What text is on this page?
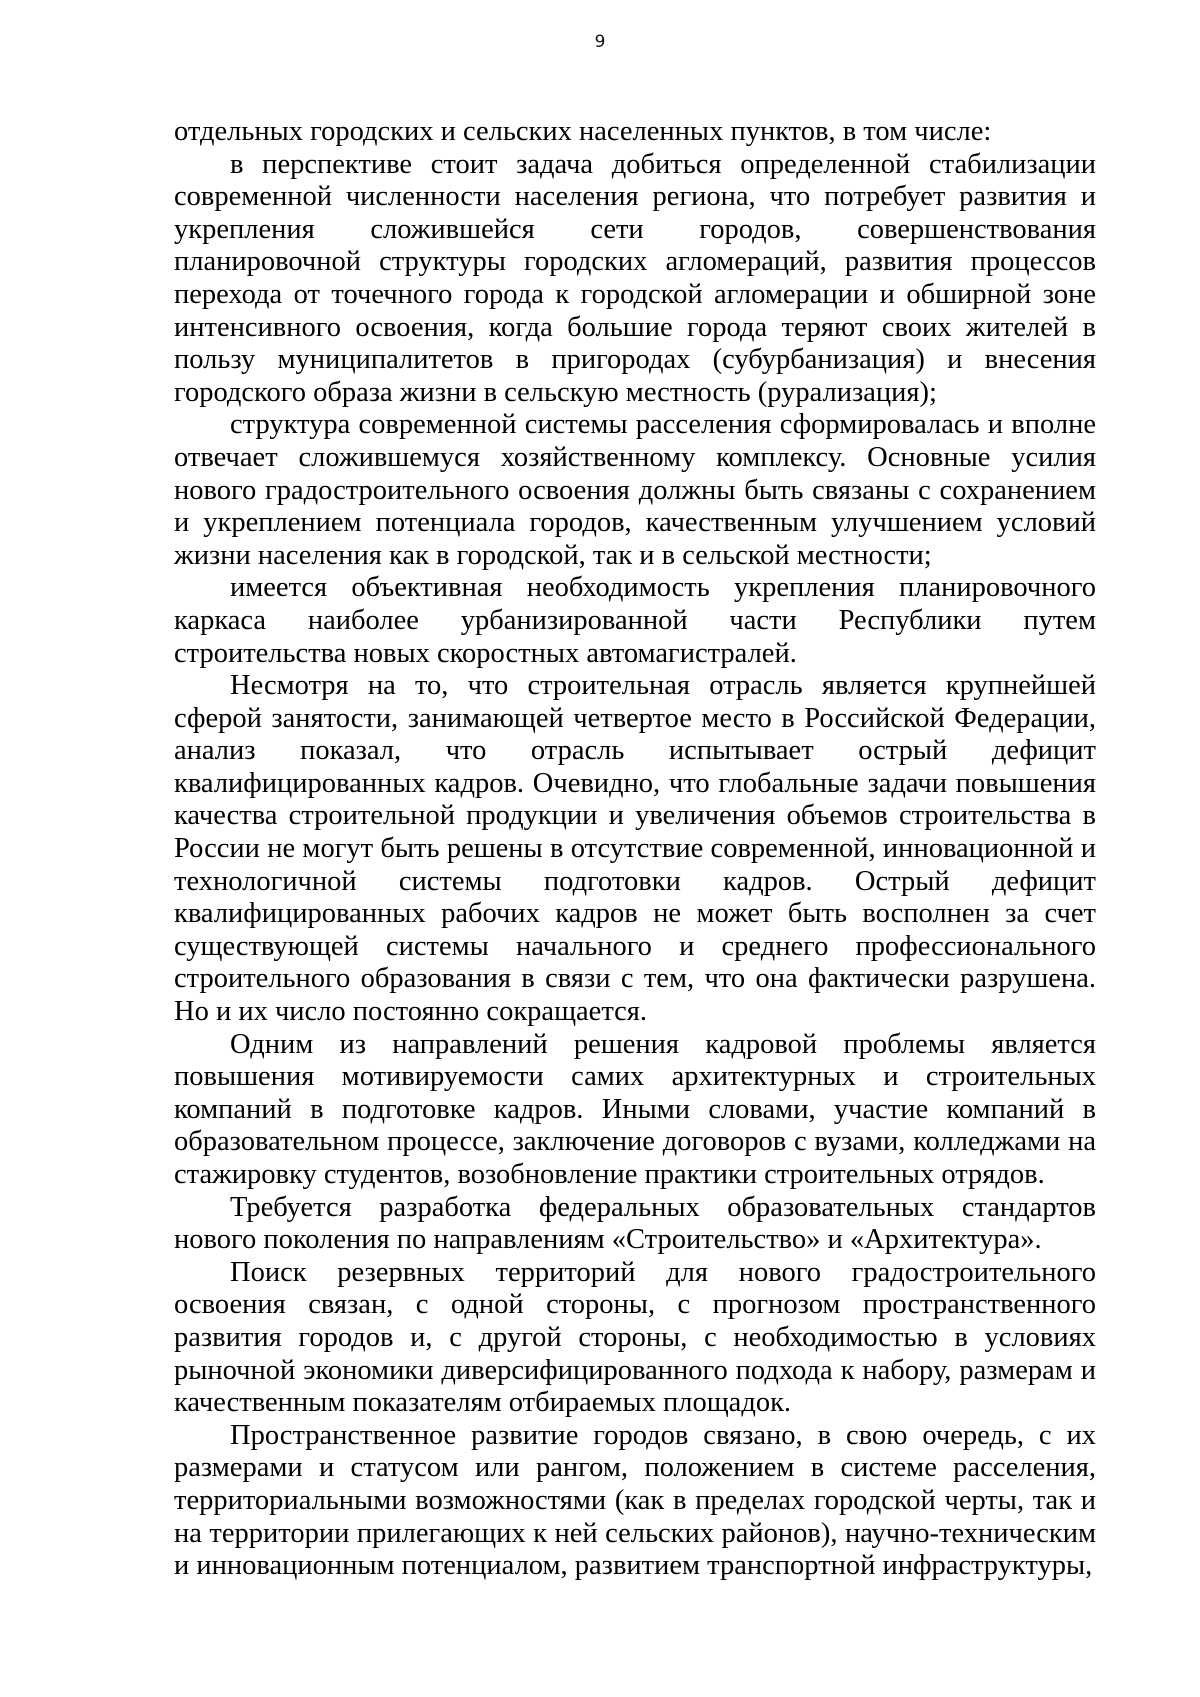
9

отдельных городских и сельских населенных пунктов, в том числе:

в перспективе стоит задача добиться определенной стабилизации современной численности населения региона, что потребует развития и укрепления сложившейся сети городов, совершенствования планировочной структуры городских агломераций, развития процессов перехода от точечного города к городской агломерации и обширной зоне интенсивного освоения, когда большие города теряют своих жителей в пользу муниципалитетов в пригородах (субурбанизация) и внесения городского образа жизни в сельскую местность (рурализация);

структура современной системы расселения сформировалась и вполне отвечает сложившемуся хозяйственному комплексу. Основные усилия нового градостроительного освоения должны быть связаны с сохранением и укреплением потенциала городов, качественным улучшением условий жизни населения как в городской, так и в сельской местности;

имеется объективная необходимость укрепления планировочного каркаса наиболее урбанизированной части Республики путем строительства новых скоростных автомагистралей.

Несмотря на то, что строительная отрасль является крупнейшей сферой занятости, занимающей четвертое место в Российской Федерации, анализ показал, что отрасль испытывает острый дефицит квалифицированных кадров. Очевидно, что глобальные задачи повышения качества строительной продукции и увеличения объемов строительства в России не могут быть решены в отсутствие современной, инновационной и технологичной системы подготовки кадров. Острый дефицит квалифицированных рабочих кадров не может быть восполнен за счет существующей системы начального и среднего профессионального строительного образования в связи с тем, что она фактически разрушена. Но и их число постоянно сокращается.

Одним из направлений решения кадровой проблемы является повышения мотивируемости самих архитектурных и строительных компаний в подготовке кадров. Иными словами, участие компаний в образовательном процессе, заключение договоров с вузами, колледжами на стажировку студентов, возобновление практики строительных отрядов.

Требуется разработка федеральных образовательных стандартов нового поколения по направлениям «Строительство» и «Архитектура».

Поиск резервных территорий для нового градостроительного освоения связан, с одной стороны, с прогнозом пространственного развития городов и, с другой стороны, с необходимостью в условиях рыночной экономики диверсифицированного подхода к набору, размерам и качественным показателям отбираемых площадок.

Пространственное развитие городов связано, в свою очередь, с их размерами и статусом или рангом, положением в системе расселения, территориальными возможностями (как в пределах городской черты, так и на территории прилегающих к ней сельских районов), научно-техническим и инновационным потенциалом, развитием транспортной инфраструктуры,
